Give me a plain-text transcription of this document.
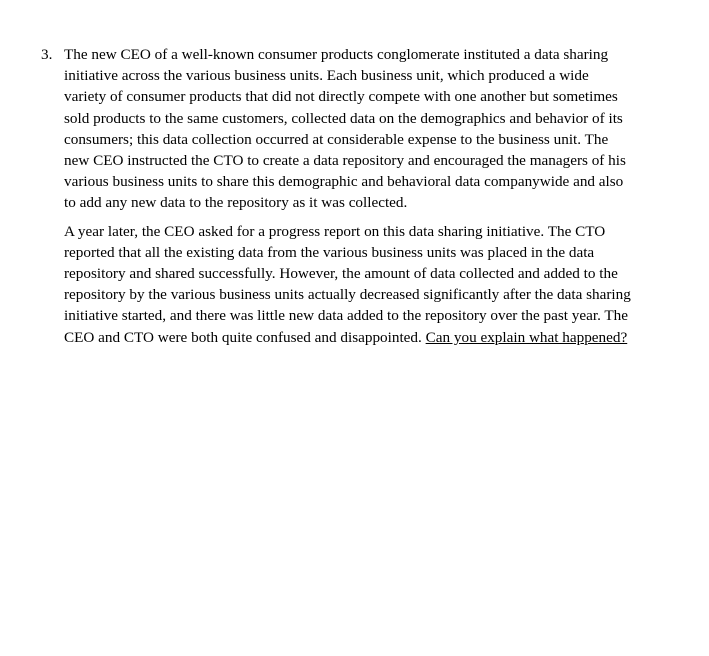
3. The new CEO of a well-known consumer products conglomerate instituted a data sharing
initiative across the various business units. Each business unit, which produced a wide
variety of consumer products that did not directly compete with one another but sometimes
sold products to the same customers, collected data on the demographics and behavior of its
consumers; this data collection occurred at considerable expense to the business unit. The
new CEO instructed the CTO to create a data repository and encouraged the managers of his
various business units to share this demographic and behavioral data companywide and also
to add any new data to the repository as it was collected.

A year later, the CEO asked for a progress report on this data sharing initiative. The CTO
reported that all the existing data from the various business units was placed in the data
repository and shared successfully. However, the amount of data collected and added to the
repository by the various business units actually decreased significantly after the data sharing
initiative started, and there was little new data added to the repository over the past year. The
CEO and CTO were both quite confused and disappointed. Can you explain what happened?
